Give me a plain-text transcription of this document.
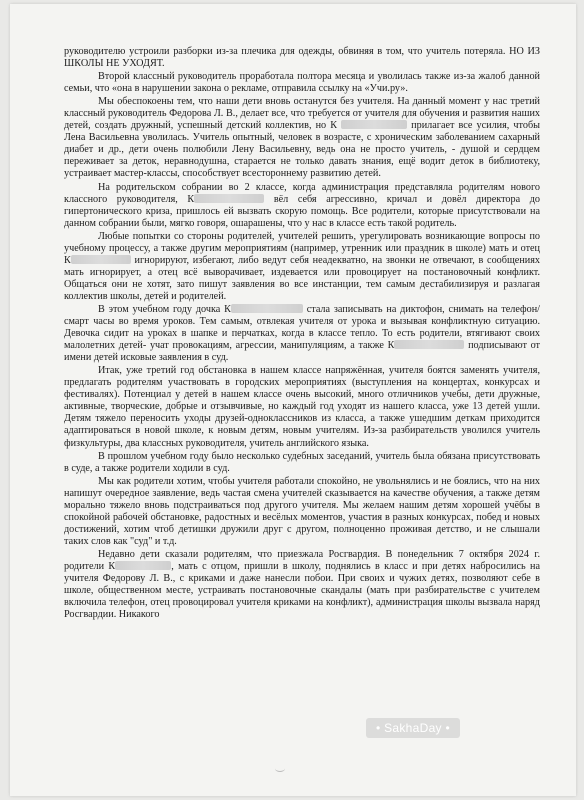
руководителю устроили разборки из-за плечика для одежды, обвиняя в том, что учитель потеряла. НО ИЗ ШКОЛЫ НЕ УХОДЯТ.

Второй классный руководитель проработала полтора месяца и уволилась также из-за жалоб данной семьи, что «она в нарушении закона о рекламе, отправила ссылку на «Учи.ру».

Мы обеспокоены тем, что наши дети вновь останутся без учителя. На данный момент у нас третий классный руководитель Федорова Л. В., делает все, что требуется от учителя для обучения и развития наших детей, создать дружный, успешный детский коллектив, но К	прилагает все усилия, чтобы Лена Васильевна уволилась. Учитель опытный, человек в возрасте, с хроническим заболеванием сахарный диабет и др., дети очень полюбили Лену Васильевну, ведь она не просто учитель, - душой и сердцем переживает за деток, неравнодушна, старается не только давать знания, ещё водит деток в библиотеку, устраивает мастер-классы, способствует всестороннему развитию детей.

На родительском собрании во 2 классе, когда администрация представляла родителям нового классного руководителя, К	вёл себя агрессивно, кричал и довёл директора до гипертонического криза, пришлось ей вызвать скорую помощь. Все родители, которые присутствовали на данном собрании были, мягко говоря, ошарашены, что у нас в классе есть такой родитель.

Любые попытки со стороны родителей, учителей решить, урегулировать возникающие вопросы по учебному процессу, а также другим мероприятиям (например, утренник или праздник в школе) мать и отец К	игнорируют, избегают, либо ведут себя неадекватно, на звонки не отвечают, в сообщениях мать игнорирует, а отец всё выворачивает, издевается или провоцирует на постановочный конфликт. Общаться они не хотят, зато пишут заявления во все инстанции, тем самым дестабилизируя и разлагая коллектив школы, детей и родителей.

В этом учебном году дочка К	стала записывать на диктофон, снимать на телефон/ смарт часы во время уроков. Тем самым, отвлекая учителя от урока и вызывая конфликтную ситуацию. Девочка сидит на уроках в шапке и перчатках, когда в классе тепло. То есть родители, втягивают своих малолетних детей- учат провокациям, агрессии, манипуляциям, а также К	подписывают от имени детей исковые заявления в суд.

Итак, уже третий год обстановка в нашем классе напряжённая, учителя боятся заменять учителя, предлагать родителям участвовать в городских мероприятиях (выступления на концертах, конкурсах и фестивалях). Потенциал у детей в нашем классе очень высокий, много отличников учебы, дети дружные, активные, творческие, добрые и отзывчивые, но каждый год уходят из нашего класса, уже 13 детей ушли. Детям тяжело переносить уходы друзей-одноклассников из класса, а также ушедшим деткам приходится адаптироваться в новой школе, к новым детям, новым учителям. Из-за разбирательств уволился учитель физкультуры, два классных руководителя, учитель английского языка.

В прошлом учебном году было несколько судебных заседаний, учитель была обязана присутствовать в суде, а также родители ходили в суд.

Мы как родители хотим, чтобы учителя работали спокойно, не увольнялись и не боялись, что на них напишут очередное заявление, ведь частая смена учителей сказывается на качестве обучения, а также детям морально тяжело вновь подстраиваться под другого учителя. Мы желаем нашим детям хорошей учёбы в спокойной рабочей обстановке, радостных и весёлых моментов, участия в разных конкурсах, побед и новых достижений, хотим чтоб детишки дружили друг с другом, полноценно проживая детство, и не слышали таких слов как "суд" и т.д.

Недавно дети сказали родителям, что приезжала Росгвардия. В понедельник 7 октября 2024 г. родители К	, мать с отцом, пришли в школу, поднялись в класс и при детях набросились на учителя Федорову Л. В., с криками и даже нанесли побои. При своих и чужих детях, позволяют себе в школе, общественном месте, устраивать постановочные скандалы (мать при разбирательстве с учителем включила телефон, отец провоцировал учителя криками на конфликт), администрация школы вызвала наряд Росгвардии. Никакого

• SakhaDay •
